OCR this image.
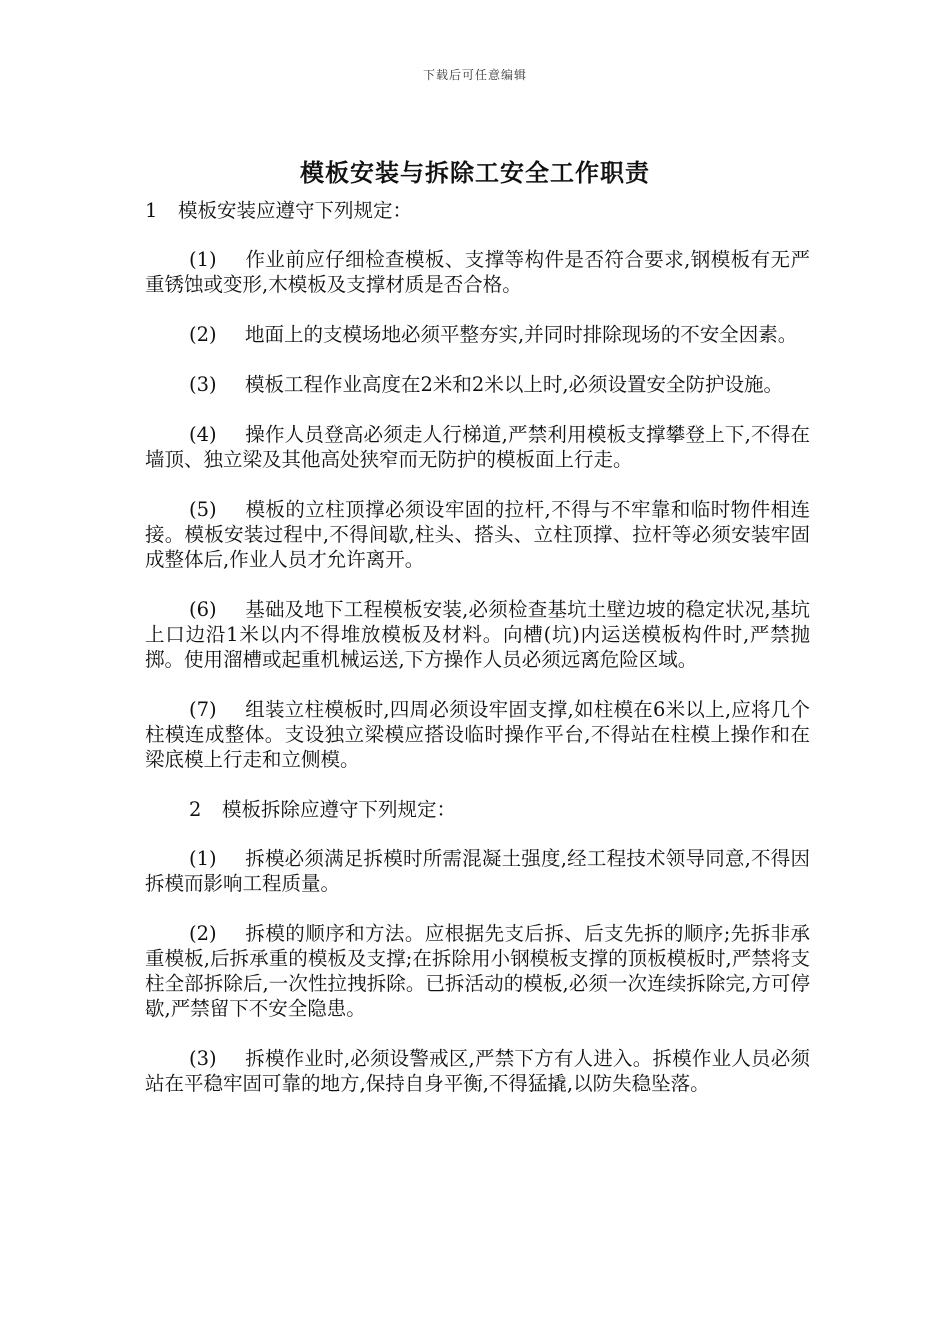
下载后可任意编辑
模板安装与拆除工安全工作职责
1 模板安装应遵守下列规定：

(1) 作业前应仔细检查模板、支撑等构件是否符合要求,钢模板有无严重锈蚀或变形,木模板及支撑材质是否合格。

(2) 地面上的支模场地必须平整夯实,并同时排除现场的不安全因素。

(3) 模板工程作业高度在2米和2米以上时,必须设置安全防护设施。

(4) 操作人员登高必须走人行梯道,严禁利用模板支撑攀登上下,不得在墙顶、独立梁及其他高处狭窄而无防护的模板面上行走。

(5) 模板的立柱顶撑必须设牢固的拉杆,不得与不牢靠和临时物件相连接。模板安装过程中,不得间歇,柱头、搭头、立柱顶撑、拉杆等必须安装牢固成整体后,作业人员才允许离开。

(6) 基础及地下工程模板安装,必须检查基坑土壁边坡的稳定状况,基坑上口边沿1米以内不得堆放模板及材料。向槽(坑)内运送模板构件时,严禁抛掷。使用溜槽或起重机械运送,下方操作人员必须远离危险区域。

(7) 组装立柱模板时,四周必须设牢固支撑,如柱模在6米以上,应将几个柱模连成整体。支设独立梁模应搭设临时操作平台,不得站在柱模上操作和在梁底模上行走和立侧模。

2 模板拆除应遵守下列规定：

(1) 拆模必须满足拆模时所需混凝土强度,经工程技术领导同意,不得因拆模而影响工程质量。

(2) 拆模的顺序和方法。应根据先支后拆、后支先拆的顺序;先拆非承重模板,后拆承重的模板及支撑;在拆除用小钢模板支撑的顶板模板时,严禁将支柱全部拆除后,一次性拉拽拆除。已拆活动的模板,必须一次连续拆除完,方可停歇,严禁留下不安全隐患。

(3) 拆模作业时,必须设警戒区,严禁下方有人进入。拆模作业人员必须站在平稳牢固可靠的地方,保持自身平衡,不得猛撬,以防失稳坠落。
